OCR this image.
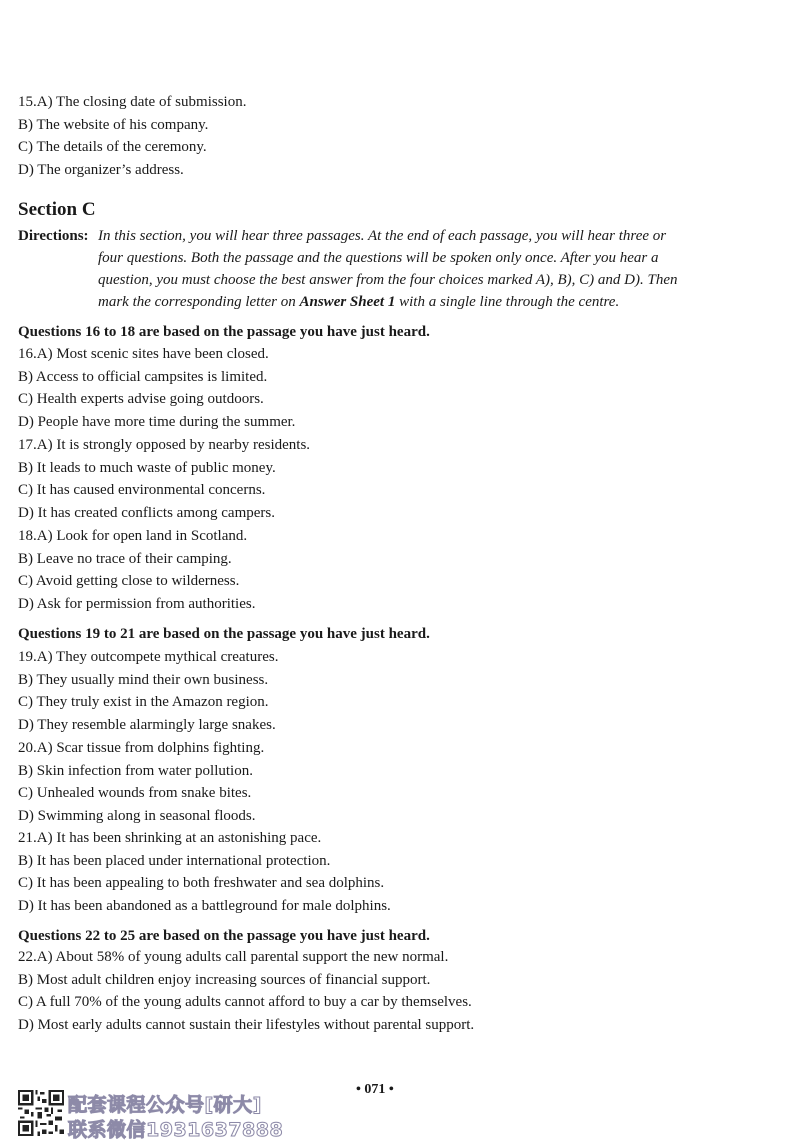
15.A) The closing date of submission.
B) The website of his company.
C) The details of the ceremony.
D) The organizer’s address.
Section C
Directions: In this section, you will hear three passages. At the end of each passage, you will hear three or
four questions. Both the passage and the questions will be spoken only once. After you hear a
question, you must choose the best answer from the four choices marked A), B), C) and D). Then
mark the corresponding letter on Answer Sheet 1 with a single line through the centre.
Questions 16 to 18 are based on the passage you have just heard.
16.A) Most scenic sites have been closed.
B) Access to official campsites is limited.
C) Health experts advise going outdoors.
D) People have more time during the summer.
17.A) It is strongly opposed by nearby residents.
B) It leads to much waste of public money.
C) It has caused environmental concerns.
D) It has created conflicts among campers.
18.A) Look for open land in Scotland.
B) Leave no trace of their camping.
C) Avoid getting close to wilderness.
D) Ask for permission from authorities.
Questions 19 to 21 are based on the passage you have just heard.
19.A) They outcompete mythical creatures.
B) They usually mind their own business.
C) They truly exist in the Amazon region.
D) They resemble alarmingly large snakes.
20.A) Scar tissue from dolphins fighting.
B) Skin infection from water pollution.
C) Unhealed wounds from snake bites.
D) Swimming along in seasonal floods.
21.A) It has been shrinking at an astonishing pace.
B) It has been placed under international protection.
C) It has been appealing to both freshwater and sea dolphins.
D) It has been abandoned as a battleground for male dolphins.
Questions 22 to 25 are based on the passage you have just heard.
22.A) About 58% of young adults call parental support the new normal.
B) Most adult children enjoy increasing sources of financial support.
C) A full 70% of the young adults cannot afford to buy a car by themselves.
D) Most early adults cannot sustain their lifestyles without parental support.
• 071 •
配套课程公众号[研大]
联系微信1931637888
